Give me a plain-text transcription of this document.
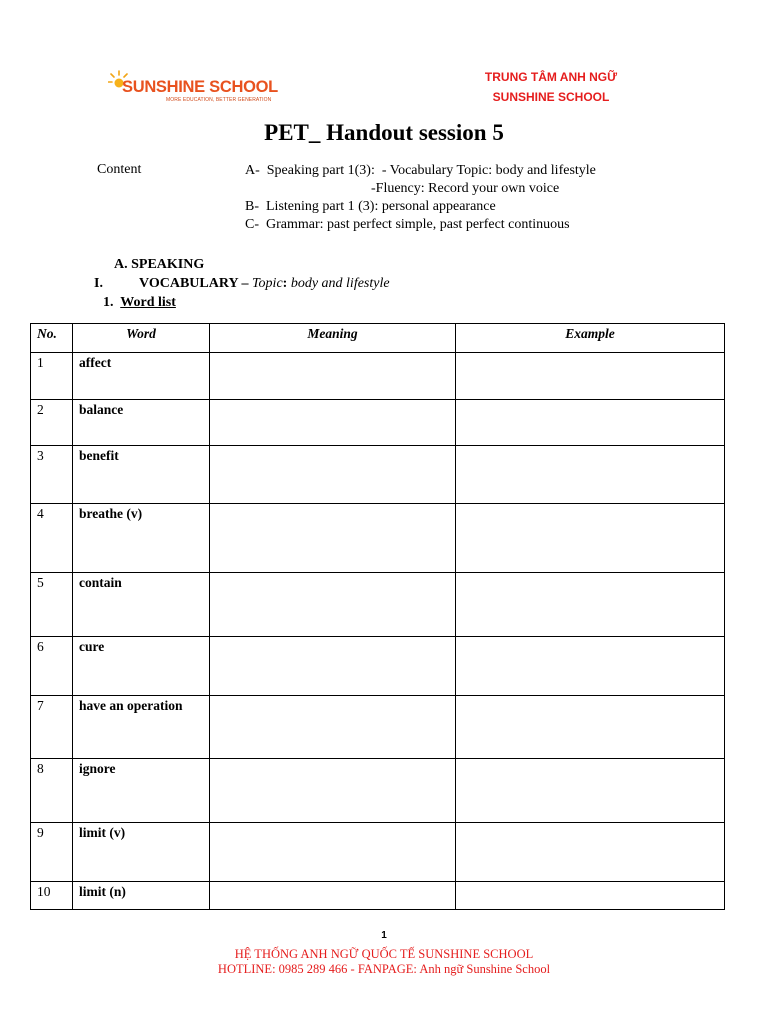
SUNSHINE SCHOOL
MORE EDUCATION, BETTER GENERATION
TRUNG TÂM ANH NGỮ
SUNSHINE SCHOOL
PET_ Handout session 5
Content	A-  Speaking part 1(3):  - Vocabulary Topic: body and lifestyle
-Fluency: Record your own voice
B-  Listening part 1 (3): personal appearance
C-  Grammar: past perfect simple, past perfect continuous
A. SPEAKING
I.	VOCABULARY – Topic: body and lifestyle
1. Word list
No.	Word	Meaning	Example
1	affect		
2	balance		
3	benefit		
4	breathe (v)		
5	contain		
6	cure		
7	have an operation		
8	ignore		
9	limit (v)		
10	limit (n)		
1
HỆ THỐNG ANH NGỮ QUỐC TẾ SUNSHINE SCHOOL
HOTLINE: 0985 289 466 - FANPAGE: Anh ngữ Sunshine School
